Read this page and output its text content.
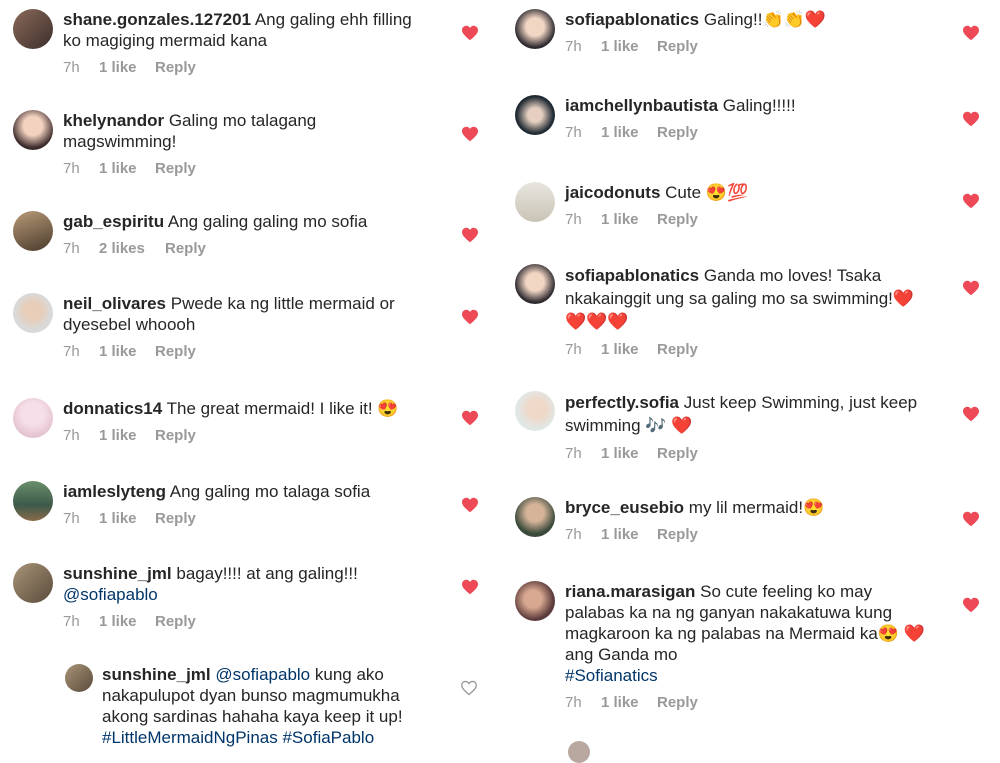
shane.gonzales.127201 Ang galing ehh filling ko magiging mermaid kana
7h 1 like Reply
khelynandor Galing mo talagang magswimming!
7h 1 like Reply
gab_espiritu Ang galing galing mo sofia
7h 2 likes Reply
neil_olivares Pwede ka ng little mermaid or dyesebel whoooh
7h 1 like Reply
donnatics14 The great mermaid! I like it! 😍
7h 1 like Reply
iamleslyteng Ang galing mo talaga sofia
7h 1 like Reply
sunshine_jml bagay!!!! at ang galing!!!
@sofiapablo
7h 1 like Reply
sunshine_jml @sofiapablo kung ako nakapulupot dyan bunso magmumukha akong sardinas hahaha kaya keep it up! #LittleMermaidNgPinas #SofiaPablo
sofiapablonatics Galing!!👏👏❤️
7h 1 like Reply
iamchellynbautista Galing!!!!!
7h 1 like Reply
jaicodonuts Cute 😍💯
7h 1 like Reply
sofiapablonatics Ganda mo loves! Tsaka nkakainggit ung sa galing mo sa swimming!❤️ ❤️❤️❤️
7h 1 like Reply
perfectly.sofia Just keep Swimming, just keep swimming 🎶 ❤️
7h 1 like Reply
bryce_eusebio my lil mermaid!😍
7h 1 like Reply
riana.marasigan So cute feeling ko may palabas ka na ng ganyan nakakatuwa kung magkaroon ka ng palabas na Mermaid ka😍 ❤️ ang Ganda mo
#Sofianatics
7h 1 like Reply
